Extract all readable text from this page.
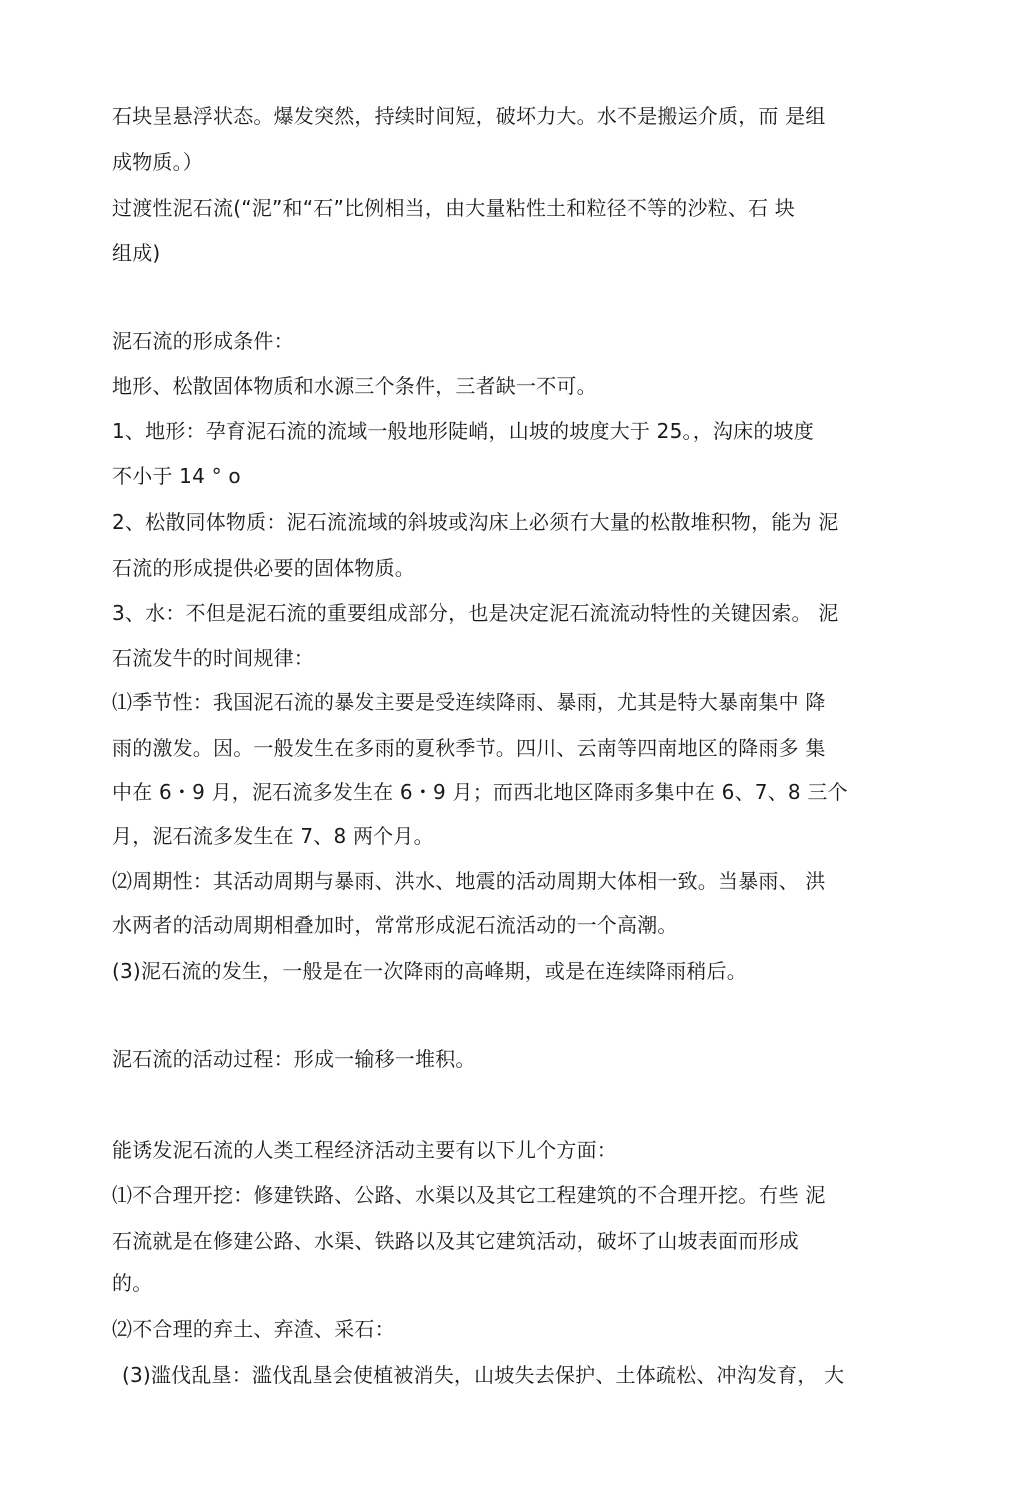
石块呈悬浮状态。爆发突然，持续时间短，破坏力大。水不是搬运介质，而 是组
成物质。）
过渡性泥石流(“泥”和“石”比例相当，由大量粘性土和粒径不等的沙粒、石 块
组成)
泥石流的形成条件：
地形、松散固体物质和水源三个条件，三者缺一不可。
1、地形：孕育泥石流的流域一般地形陡峭，山坡的坡度大于 25。，沟床的坡度
不小于 14 ° o
2、松散同体物质：泥石流流域的斜坡或沟床上必须冇大量的松散堆积物，能为 泥
石流的形成提供必要的固体物质。
3、水：不但是泥石流的重要组成部分，也是决定泥石流流动特性的关键因索。 泥
石流发牛的时间规律：
⑴季节性：我国泥石流的暴发主要是受连续降雨、暴雨，尤其是特大暴南集中 降
雨的激发。因。一般发生在多雨的夏秋季节。四川、云南等四南地区的降雨多 集
中在 6・9 月，泥石流多发生在 6・9 月；而西北地区降雨多集中在 6、7、8 三个
月，泥石流多发生在 7、8 两个月。
⑵周期性：其活动周期与暴雨、洪水、地震的活动周期大体相一致。当暴雨、 洪
水两者的活动周期相叠加时，常常形成泥石流活动的一个高潮。
(3)泥石流的发生，一般是在一次降雨的高峰期，或是在连续降雨稍后。
泥石流的活动过程：形成一输移一堆积。
能诱发泥石流的人类工程经济活动主要有以下儿个方面：
⑴不合理开挖：修建铁路、公路、水渠以及其它工程建筑的不合理开挖。冇些 泥
石流就是在修建公路、水渠、铁路以及其它建筑活动，破坏了山坡表面而形成
的。
⑵不合理的弃土、弃渣、采石：
(3)滥伐乱垦：滥伐乱垦会使植被消失，山坡失去保护、土体疏松、冲沟发育， 大
